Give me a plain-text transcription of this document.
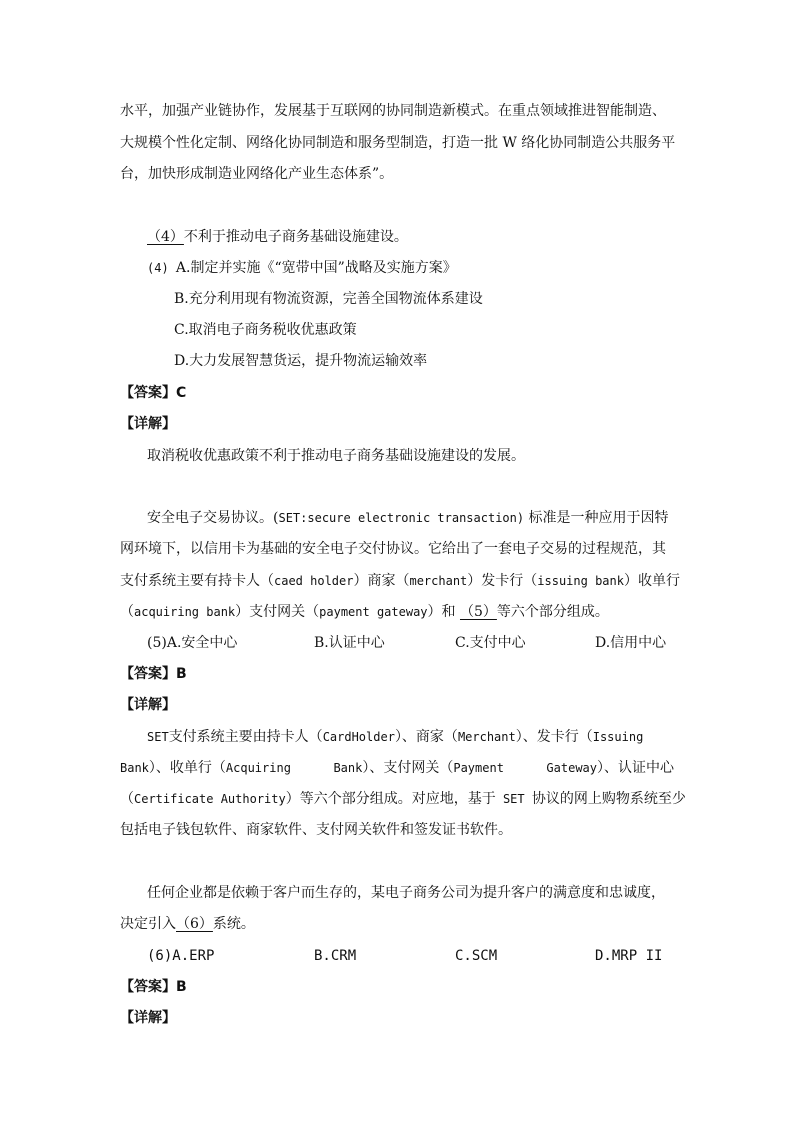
水平，加强产业链协作，发展基于互联网的协同制造新模式。在重点领域推进智能制造、
大规模个性化定制、网络化协同制造和服务型制造，打造一批 W 络化协同制造公共服务平
台，加快形成制造业网络化产业生态体系”。
（4）不利于推动电子商务基础设施建设。
(4) A.制定并实施《“宽带中国”战略及实施方案》
B.充分利用现有物流资源，完善全国物流体系建设
C.取消电子商务税收优惠政策
D.大力发展智慧货运，提升物流运输效率
【答案】C
【详解】
取消税收优惠政策不利于推动电子商务基础设施建设的发展。
安全电子交易协议。(SET:secure electronic transaction) 标准是一种应用于因特
网环境下，以信用卡为基础的安全电子交付协议。它给出了一套电子交易的过程规范，其
支付系统主要有持卡人（caed holder）商家（merchant）发卡行（issuing bank）收单行
（acquiring bank）支付网关（payment gateway）和 （5）等六个部分组成。
(5)A.安全中心	B.认证中心	C.支付中心	D.信用中心
【答案】B
【详解】
SET支付系统主要由持卡人（CardHolder）、商家（Merchant）、发卡行（Issuing
Bank）、收单行（Acquiring	Bank）、支付网关（Payment	Gateway）、认证中心
（Certificate Authority）等六个部分组成。对应地，基于 SET 协议的网上购物系统至少
包括电子钱包软件、商家软件、支付网关软件和签发证书软件。
任何企业都是依赖于客户而生存的，某电子商务公司为提升客户的满意度和忠诚度，
决定引入（6）系统。
(6)A.ERP	B.CRM	C.SCM	D.MRP II
【答案】B
【详解】
